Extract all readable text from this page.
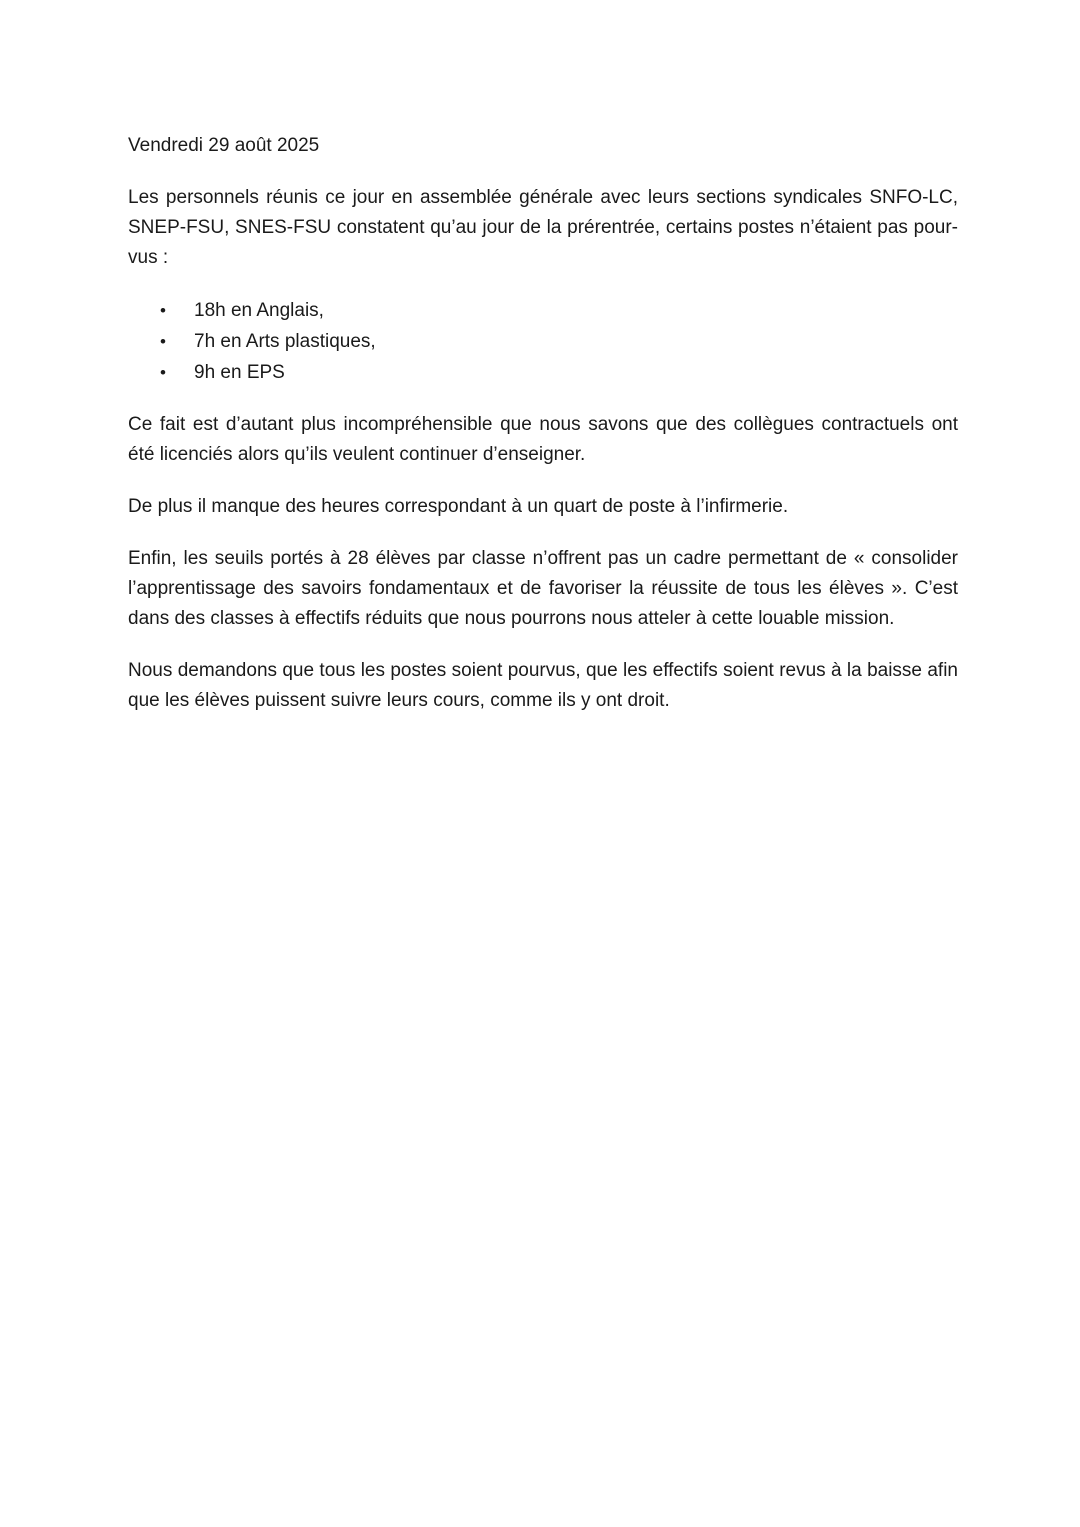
Vendredi 29 août 2025

Les personnels réunis ce jour en assemblée générale avec leurs sections syndicales SNFO-LC, SNEP-FSU, SNES-FSU constatent qu’au jour de la prérentrée, certains postes n’étaient pas pourvus :

•	18h en Anglais,
•	7h en Arts plastiques,
•	9h en EPS

Ce fait est d’autant plus incompréhensible que nous savons que des collègues contractuels ont été licenciés alors qu’ils veulent continuer d’enseigner.

De plus il manque des heures correspondant à un quart de poste à l’infirmerie.

Enfin, les seuils portés à 28 élèves par classe n’offrent pas un cadre permettant de « consolider l’apprentissage des savoirs fondamentaux et de favoriser la réussite de tous les élèves ». C’est dans des classes à effectifs réduits que nous pourrons nous atteler à cette louable mission.

Nous demandons que tous les postes soient pourvus, que les effectifs soient revus à la baisse afin que les élèves puissent suivre leurs cours, comme ils y ont droit.
